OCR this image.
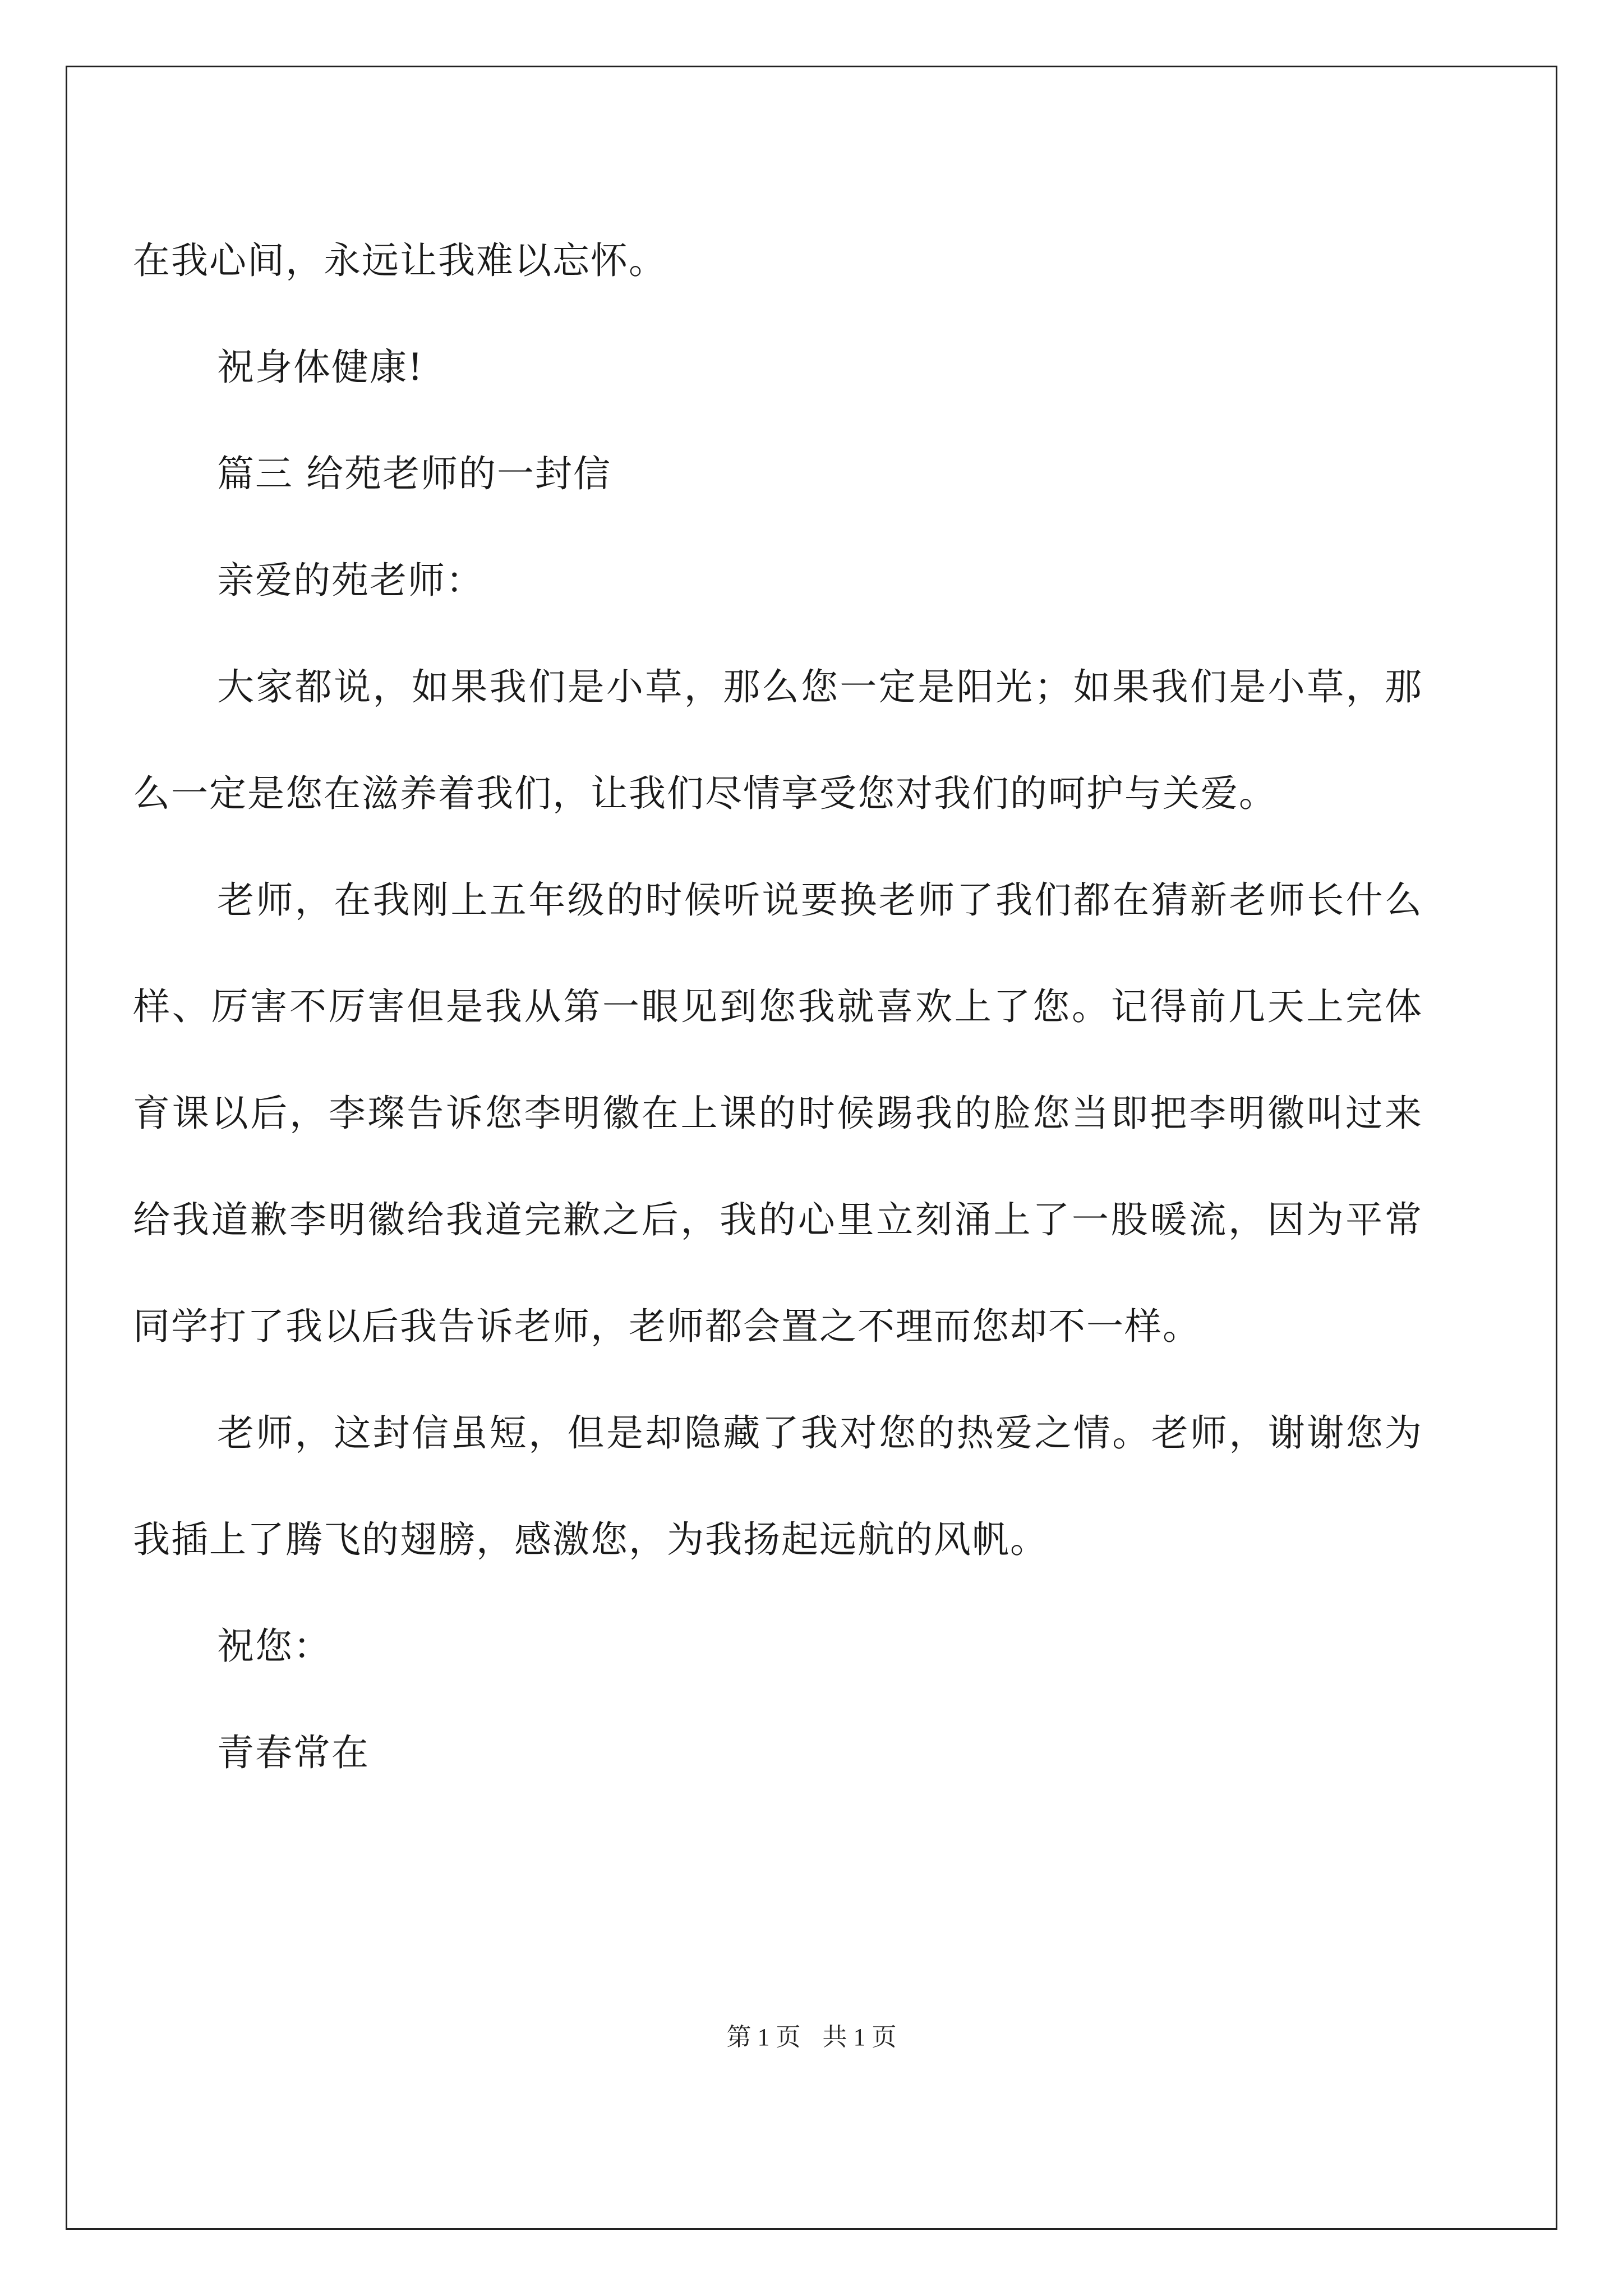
在我心间，永远让我难以忘怀。

祝身体健康!

篇三 给苑老师的一封信

亲爱的苑老师：

大家都说，如果我们是小草，那么您一定是阳光；如果我们是小草，那么一定是您在滋养着我们，让我们尽情享受您对我们的呵护与关爱。

老师，在我刚上五年级的时候听说要换老师了我们都在猜新老师长什么样、厉害不厉害但是我从第一眼见到您我就喜欢上了您。记得前几天上完体育课以后，李璨告诉您李明徽在上课的时候踢我的脸您当即把李明徽叫过来给我道歉李明徽给我道完歉之后，我的心里立刻涌上了一股暖流，因为平常同学打了我以后我告诉老师，老师都会置之不理而您却不一样。

老师，这封信虽短，但是却隐藏了我对您的热爱之情。老师，谢谢您为我插上了腾飞的翅膀，感激您，为我扬起远航的风帆。

祝您：

青春常在

第 1 页 共 1 页
